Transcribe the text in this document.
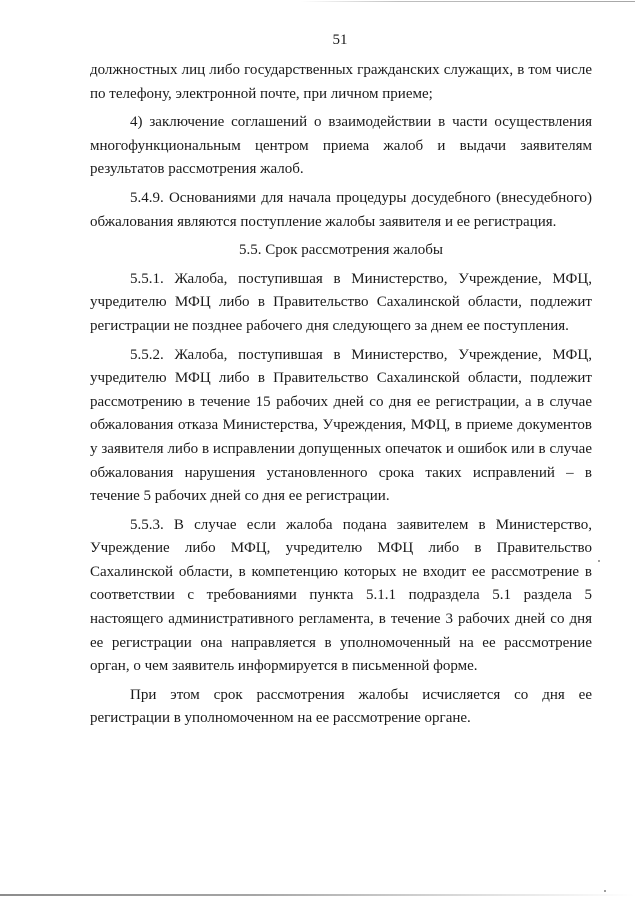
51

должностных лиц либо государственных гражданских служащих, в том числе по телефону, электронной почте, при личном приеме;

4) заключение соглашений о взаимодействии в части осуществления многофункциональным центром приема жалоб и выдачи заявителям результатов рассмотрения жалоб.

5.4.9. Основаниями для начала процедуры досудебного (внесудебного) обжалования являются поступление жалобы заявителя и ее регистрация.

5.5. Срок рассмотрения жалобы

5.5.1. Жалоба, поступившая в Министерство, Учреждение, МФЦ, учредителю МФЦ либо в Правительство Сахалинской области, подлежит регистрации не позднее рабочего дня следующего за днем ее поступления.

5.5.2. Жалоба, поступившая в Министерство, Учреждение, МФЦ, учредителю МФЦ либо в Правительство Сахалинской области, подлежит рассмотрению в течение 15 рабочих дней со дня ее регистрации, а в случае обжалования отказа Министерства, Учреждения, МФЦ, в приеме документов у заявителя либо в исправлении допущенных опечаток и ошибок или в случае обжалования нарушения установленного срока таких исправлений – в течение 5 рабочих дней со дня ее регистрации.

5.5.3. В случае если жалоба подана заявителем в Министерство, Учреждение либо МФЦ, учредителю МФЦ либо в Правительство Сахалинской области, в компетенцию которых не входит ее рассмотрение в соответствии с требованиями пункта 5.1.1 подраздела 5.1 раздела 5 настоящего административного регламента, в течение 3 рабочих дней со дня ее регистрации она направляется в уполномоченный на ее рассмотрение орган, о чем заявитель информируется в письменной форме.

При этом срок рассмотрения жалобы исчисляется со дня ее регистрации в уполномоченном на ее рассмотрение органе.
